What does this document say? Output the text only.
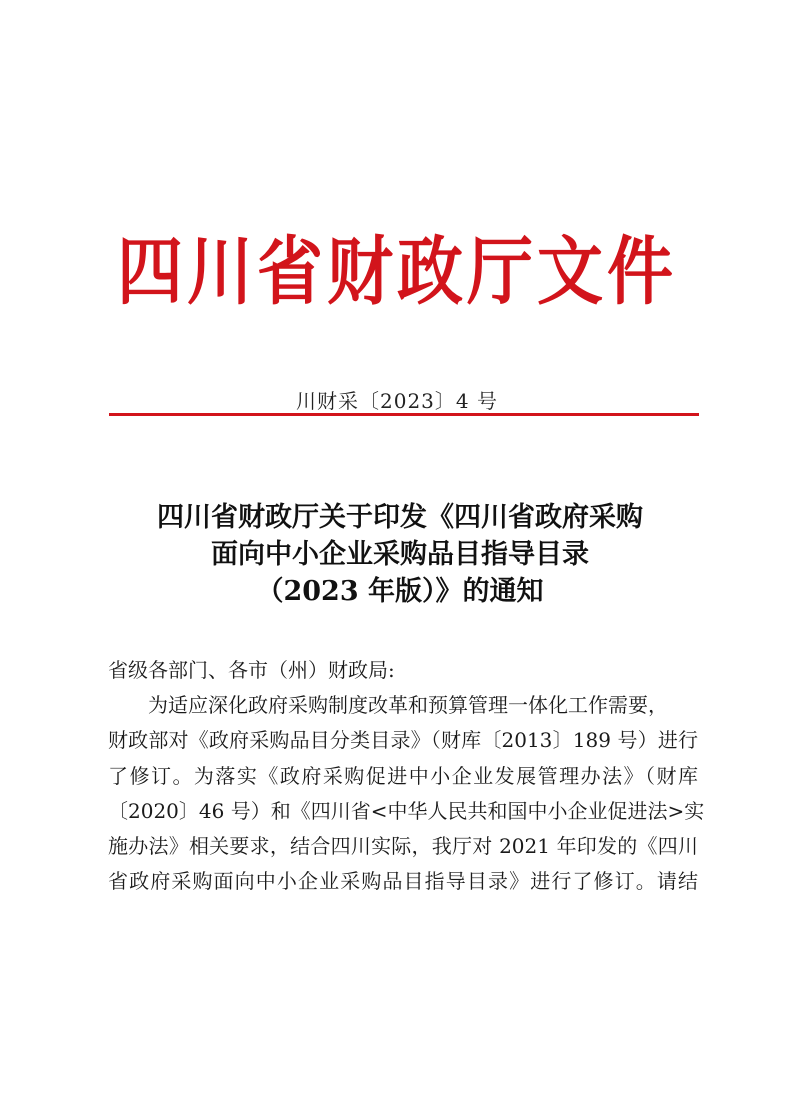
四川省财政厅文件
川财采〔2023〕4 号
四川省财政厅关于印发《四川省政府采购
面向中小企业采购品目指导目录
（2023 年版）》的通知
省级各部门、各市（州）财政局:
为适应深化政府采购制度改革和预算管理一体化工作需要，
财政部对《政府采购品目分类目录》（财库〔2013〕189 号）进行
了修订。为落实《政府采购促进中小企业发展管理办法》（财库
〔2020〕46 号）和《四川省<中华人民共和国中小企业促进法>实
施办法》相关要求，结合四川实际，我厅对 2021 年印发的《四川
省政府采购面向中小企业采购品目指导目录》进行了修订。请结
